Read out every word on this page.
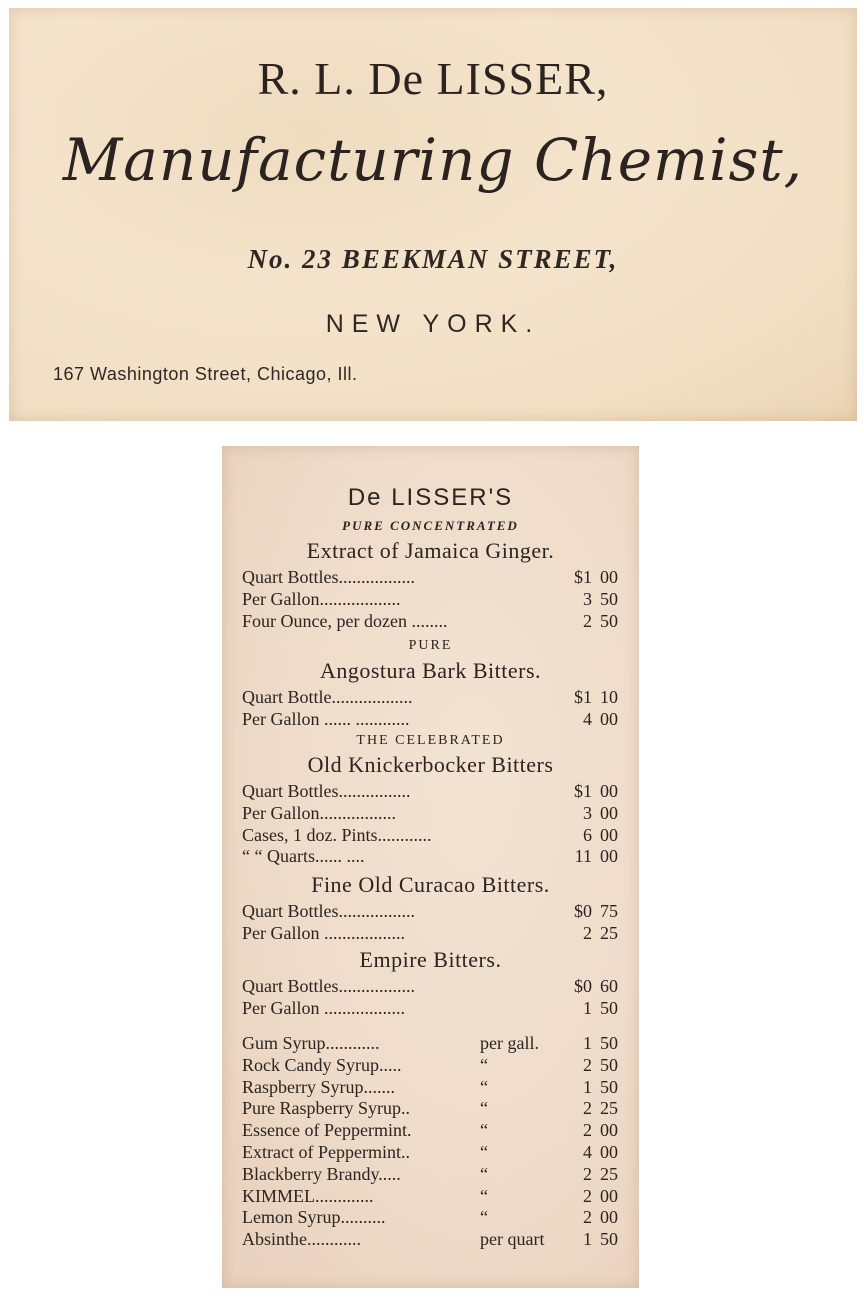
R. L. De LISSER,
Manufacturing Chemist,
No. 23 BEEKMAN STREET,
NEW YORK.
167 Washington Street, Chicago, Ill.
De LISSER'S
PURE CONCENTRATED
Extract of Jamaica Ginger.
Quart Bottles.................	$1 00
Per Gallon..................	3 50
Four Ounce, per dozen ........	2 50
PURE
Angostura Bark Bitters.
Quart Bottle..................	$1 10
Per Gallon ...... ............	4 00
THE CELEBRATED
Old Knickerbocker Bitters
Quart Bottles................	$1 00
Per Gallon.................	3 00
Cases, 1 doz. Pints............	6 00
“ “ Quarts...... ....	11 00
Fine Old Curacao Bitters.
Quart Bottles.................	$0 75
Per Gallon ..................	2 25
Empire Bitters.
Quart Bottles.................	$0 60
Per Gallon ..................	1 50
Gum Syrup............	per gall. 1 50
Rock Candy Syrup.....	“	2 50
Raspberry Syrup.......	“	1 50
Pure Raspberry Syrup..	“	2 25
Essence of Peppermint.	“	2 00
Extract of Peppermint..	“	4 00
Blackberry Brandy.....	“	2 25
KIMMEL.............	“	2 00
Lemon Syrup..........	“	2 00
Absinthe............	per quart 1 50
